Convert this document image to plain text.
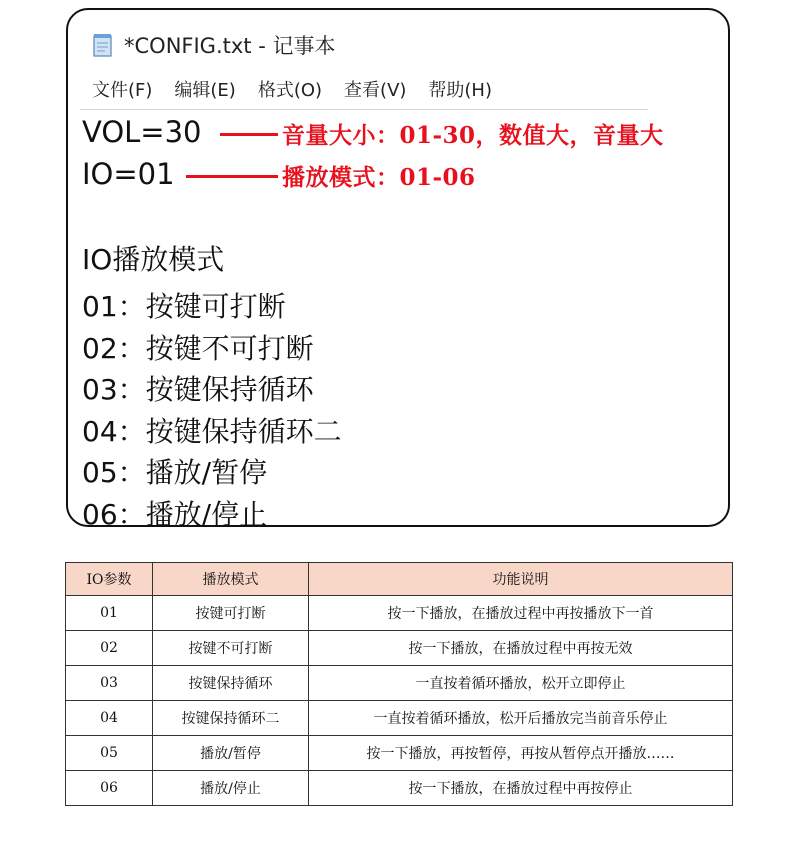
*CONFIG.txt - 记事本
文件(F) 编辑(E) 格式(O) 查看(V) 帮助(H)
VOL=30	音量大小：01-30，数值大，音量大
IO=01	播放模式：01-06
IO播放模式
01：按键可打断
02：按键不可打断
03：按键保持循环
04：按键保持循环二
05：播放/暂停
06：播放/停止
IO参数	播放模式	功能说明
01	按键可打断	按一下播放，在播放过程中再按播放下一首
02	按键不可打断	按一下播放，在播放过程中再按无效
03	按键保持循环	一直按着循环播放，松开立即停止
04	按键保持循环二	一直按着循环播放，松开后播放完当前音乐停止
05	播放/暂停	按一下播放，再按暂停，再按从暂停点开播放……
06	播放/停止	按一下播放，在播放过程中再按停止
